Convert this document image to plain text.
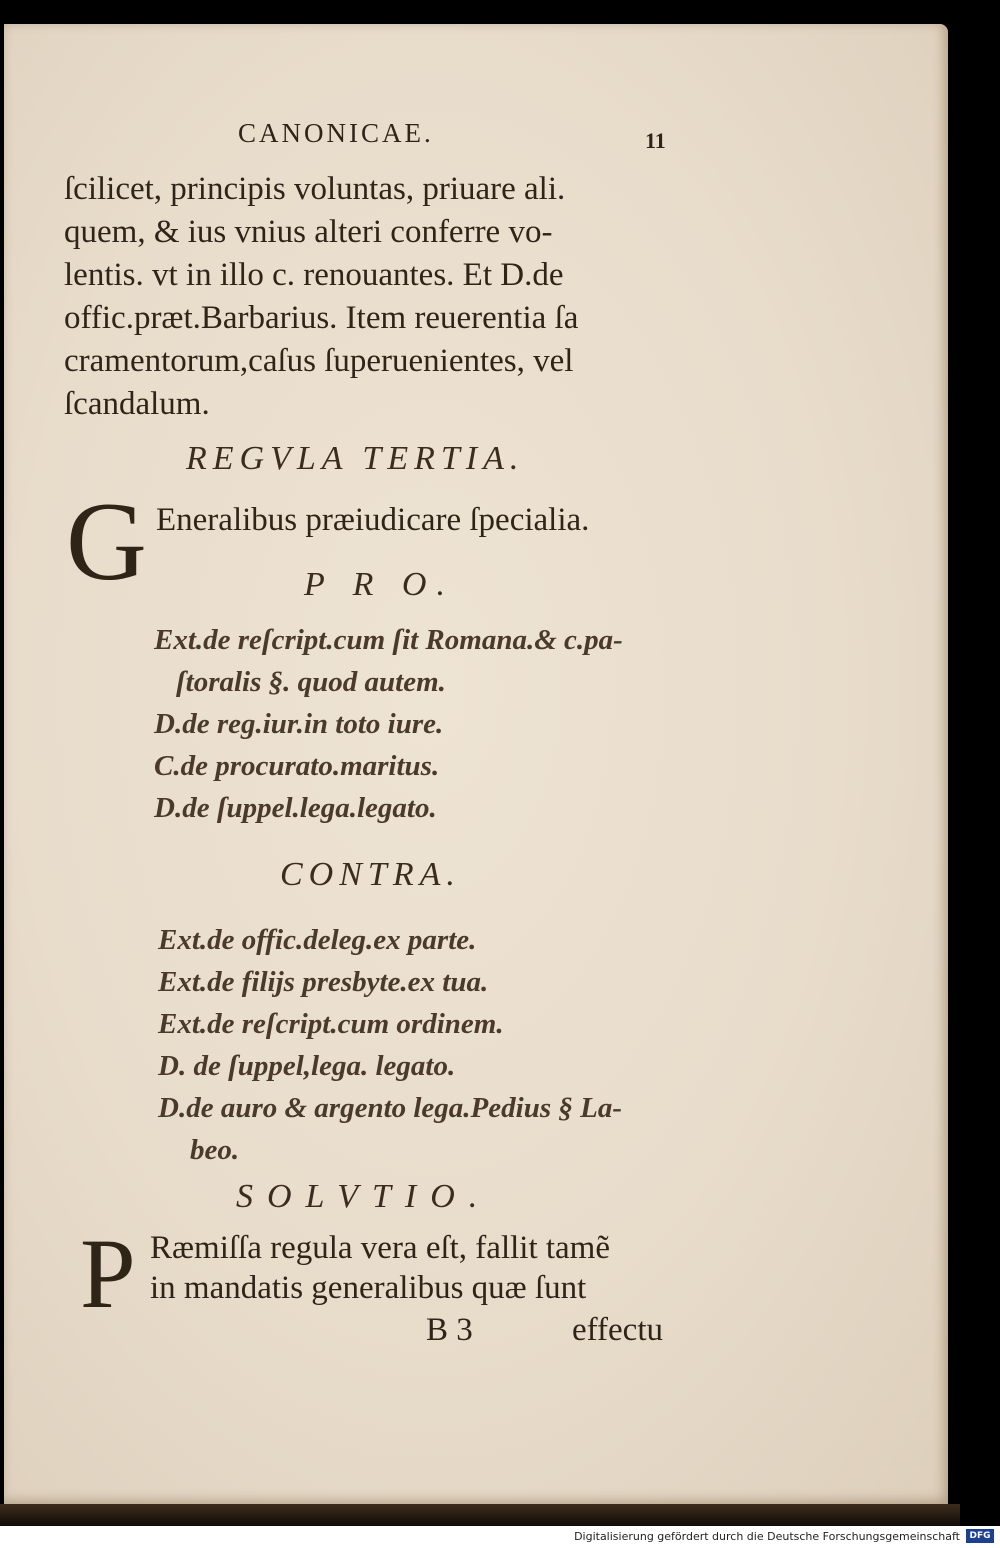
CANONICAE.	11
ſcilicet, principis voluntas, priuare ali.
quem, & ius vnius alteri conferre vo-
lentis. vt in illo c. renouantes. Et D.de
offic.præt.Barbarius. Item reuerentia ſa
cramentorum,caſus ſuperuenientes, vel
ſcandalum.
REGVLA TERTIA.
G Eneralibus præiudicare ſpecialia.
P R O.
Ext.de reſcript.cum ſit Romana.& c.pa-
ſtoralis §. quod autem.
D.de reg.iur.in toto iure.
C.de procurato.maritus.
D.de ſuppel.lega.legato.
CONTRA.
Ext.de offic.deleg.ex parte.
Ext.de filijs presbyte.ex tua.
Ext.de reſcript.cum ordinem.
D. de ſuppel,lega. legato.
D.de auro & argento lega.Pedius § La-
beo.
SOLVTIO.
P Ræmiſſa regula vera eſt, fallit tamẽ
in mandatis generalibus quæ ſunt
B 3	effectu
Digitalisierung gefördert durch die Deutsche Forschungsgemeinschaft	DFG
